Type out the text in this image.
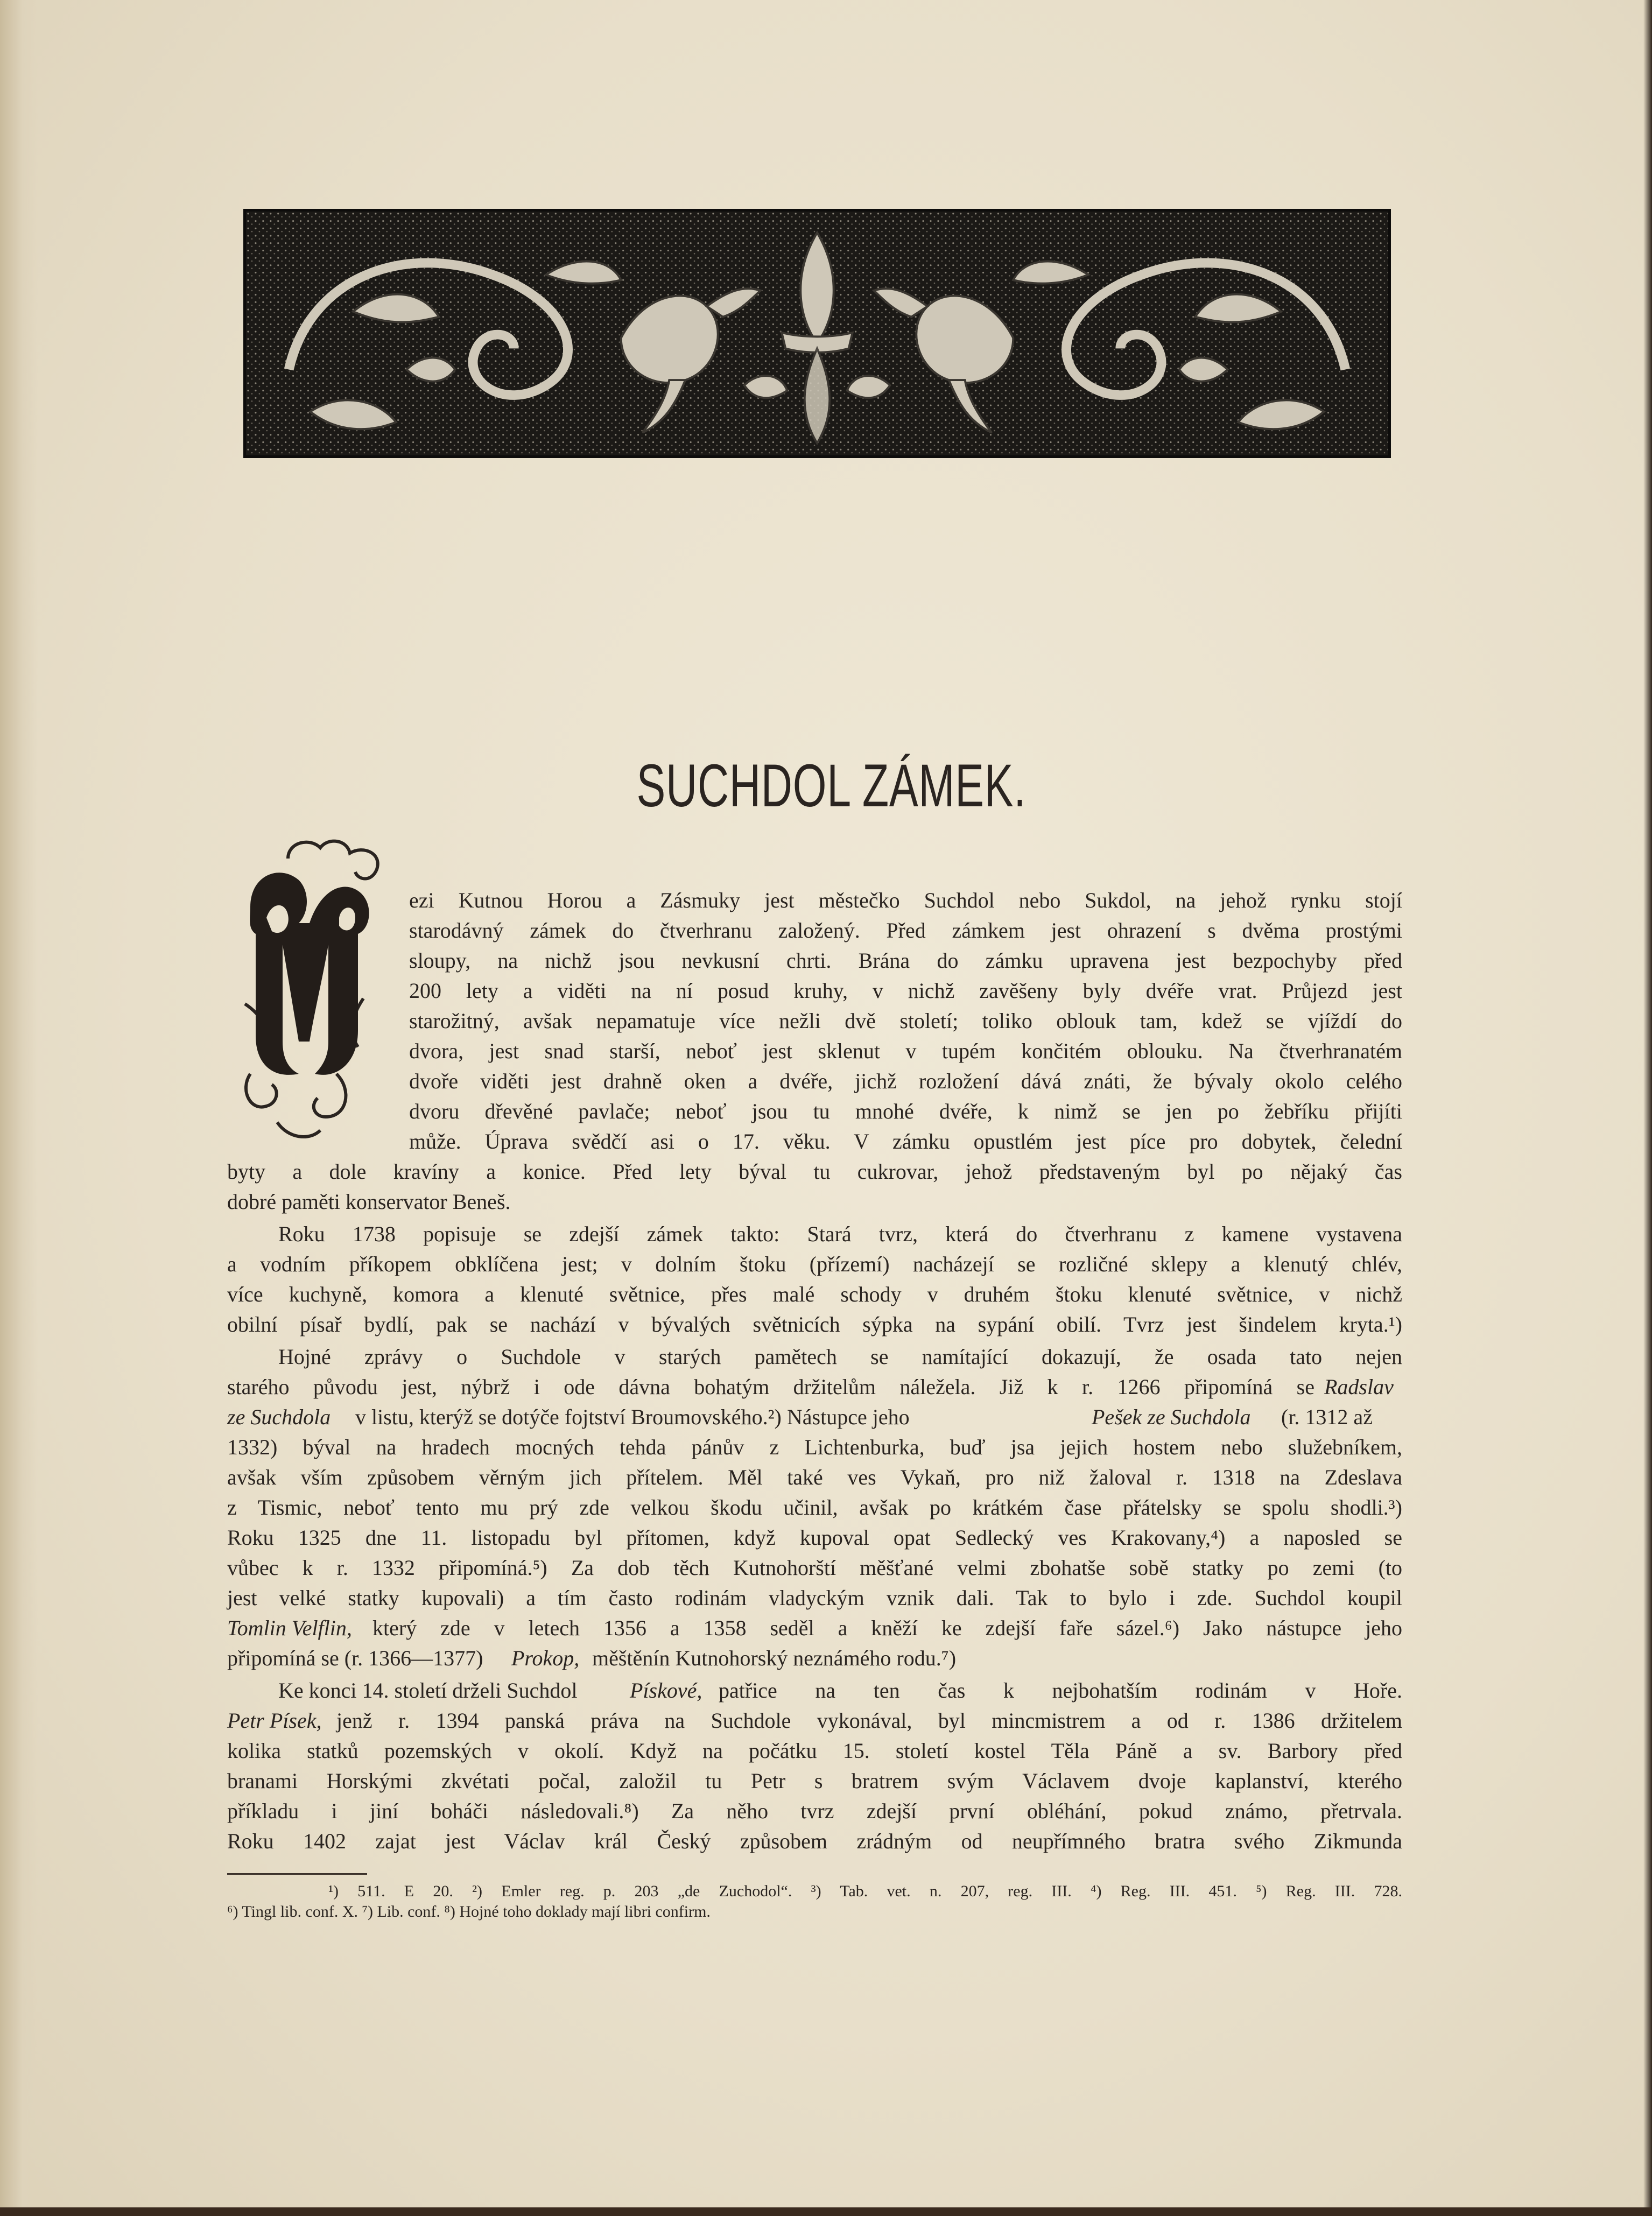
SUCHDOL ZÁMEK.
ezi Kutnou Horou a Zásmuky jest městečko Suchdol nebo Sukdol, na jehož rynku stojí
starodávný zámek do čtverhranu založený. Před zámkem jest ohrazení s dvěma prostými
sloupy, na nichž jsou nevkusní chrti. Brána do zámku upravena jest bezpochyby před
200 lety a viděti na ní posud kruhy, v nichž zavěšeny byly dvéře vrat. Průjezd jest
starožitný, avšak nepamatuje více nežli dvě století; toliko oblouk tam, kdež se vjíždí do
dvora, jest snad starší, neboť jest sklenut v tupém končitém oblouku. Na čtverhranatém
dvoře viděti jest drahně oken a dvéře, jichž rozložení dává znáti, že bývaly okolo celého
dvoru dřevěné pavlače; neboť jsou tu mnohé dvéře, k nimž se jen po žebříku přijíti
může. Úprava svědčí asi o 17. věku. V zámku opustlém jest píce pro dobytek, čelední
byty a dole kravíny a konice. Před lety býval tu cukrovar, jehož představeným byl po nějaký čas
dobré paměti konservator Beneš.
Roku 1738 popisuje se zdejší zámek takto: Stará tvrz, která do čtverhranu z kamene vystavena
a vodním příkopem obklíčena jest; v dolním štoku (přízemí) nacházejí se rozličné sklepy a klenutý chlév,
více kuchyně, komora a klenuté světnice, přes malé schody v druhém štoku klenuté světnice, v nichž
obilní písař bydlí, pak se nachází v bývalých světnicích sýpka na sypání obilí. Tvrz jest šindelem kryta.¹)
Hojné zprávy o Suchdole v starých pamětech se namítající dokazují, že osada tato nejen
starého původu jest, nýbrž i ode dávna bohatým držitelům náležela. Již k r. 1266 připomíná se Radslav
ze Suchdola v listu, kterýž se dotýče fojtství Broumovského.²) Nástupce jeho	Pešek ze Suchdola (r. 1312 až
1332) býval na hradech mocných tehda pánův z Lichtenburka, buď jsa jejich hostem nebo služebníkem,
avšak vším způsobem věrným jich přítelem. Měl také ves Vykaň, pro niž žaloval r. 1318 na Zdeslava
z Tismic, neboť tento mu prý zde velkou škodu učinil, avšak po krátkém čase přátelsky se spolu shodli.³)
Roku 1325 dne 11. listopadu byl přítomen, když kupoval opat Sedlecký ves Krakovany,⁴) a naposled se
vůbec k r. 1332 připomíná.⁵) Za dob těch Kutnohorští měšťané velmi zbohatše sobě statky po zemi (to
jest velké statky kupovali) a tím často rodinám vladyckým vznik dali. Tak to bylo i zde. Suchdol koupil
Tomlin Velflin, který zde v letech 1356 a 1358 seděl a kněží ke zdejší faře sázel.⁶) Jako nástupce jeho
připomíná se (r. 1366—1377) Prokop, měštěnín Kutnohorský neznámého rodu.⁷)
Ke konci 14. století drželi Suchdol Pískové, patřice na ten čas k nejbohatším rodinám v Hoře.
Petr Písek, jenž r. 1394 panská práva na Suchdole vykonával, byl mincmistrem a od r. 1386 držitelem
kolika statků pozemských v okolí. Když na počátku 15. století kostel Těla Páně a sv. Barbory před
branami Horskými zkvétati počal, založil tu Petr s bratrem svým Václavem dvoje kaplanství, kterého
příkladu i jiní boháči následovali.⁸) Za něho tvrz zdejší první obléhání, pokud známo, přetrvala.
Roku 1402 zajat jest Václav král Český způsobem zrádným od neupřímného bratra svého Zikmunda
¹) 511. E 20. ²) Emler reg. p. 203 „de Zuchodol“. ³) Tab. vet. n. 207, reg. III. ⁴) Reg. III. 451. ⁵) Reg. III. 728.
⁶) Tingl lib. conf. X. ⁷) Lib. conf. ⁸) Hojné toho doklady mají libri confirm.
